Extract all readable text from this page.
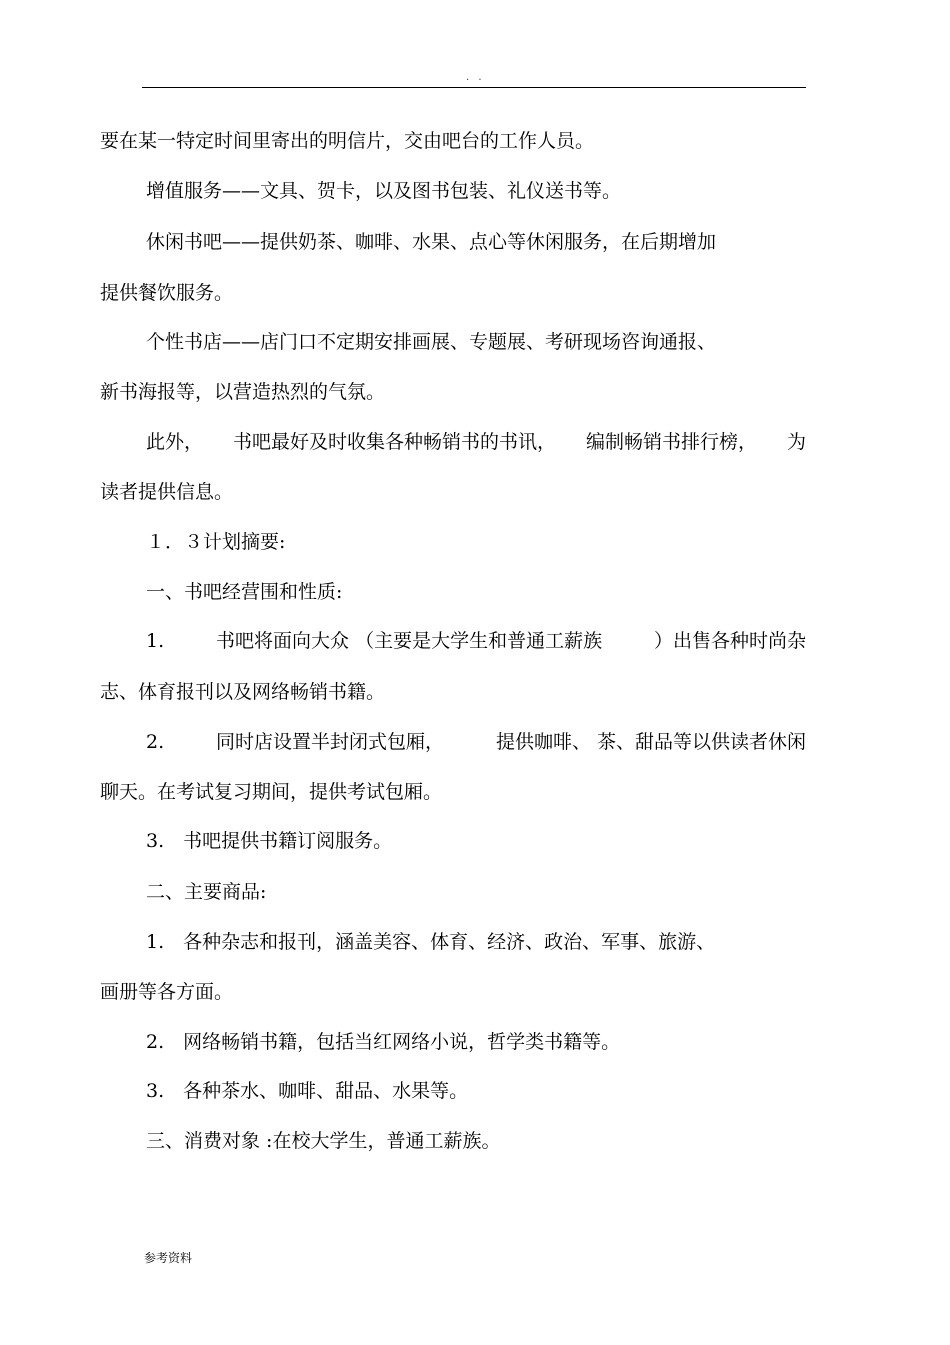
. .
要在某一特定时间里寄出的明信片，交由吧台的工作人员。
增值服务——文具、贺卡，以及图书包装、礼仪送书等。
休闲书吧——提供奶茶、咖啡、水果、点心等休闲服务，在后期增加
提供餐饮服务。
个性书店——店门口不定期安排画展、专题展、考研现场咨询通报、
新书海报等，以营造热烈的气氛。
此外， 书吧最好及时收集各种畅销书的书讯， 编制畅销书排行榜， 为
读者提供信息。
１．３计划摘要:
一、书吧经营围和性质:
1.	书吧将面向大众 （主要是大学生和普通工薪族	）出售各种时尚杂
志、体育报刊以及网络畅销书籍。
2.	同时店设置半封闭式包厢，	提供咖啡、 茶、甜品等以供读者休闲
聊天。在考试复习期间，提供考试包厢。
3.　书吧提供书籍订阅服务。
二、主要商品:
1.　各种杂志和报刊，涵盖美容、体育、经济、政治、军事、旅游、
画册等各方面。
2.　网络畅销书籍，包括当红网络小说，哲学类书籍等。
3.　各种茶水、咖啡、甜品、水果等。
三、消费对象 :在校大学生，普通工薪族。
参考资料
